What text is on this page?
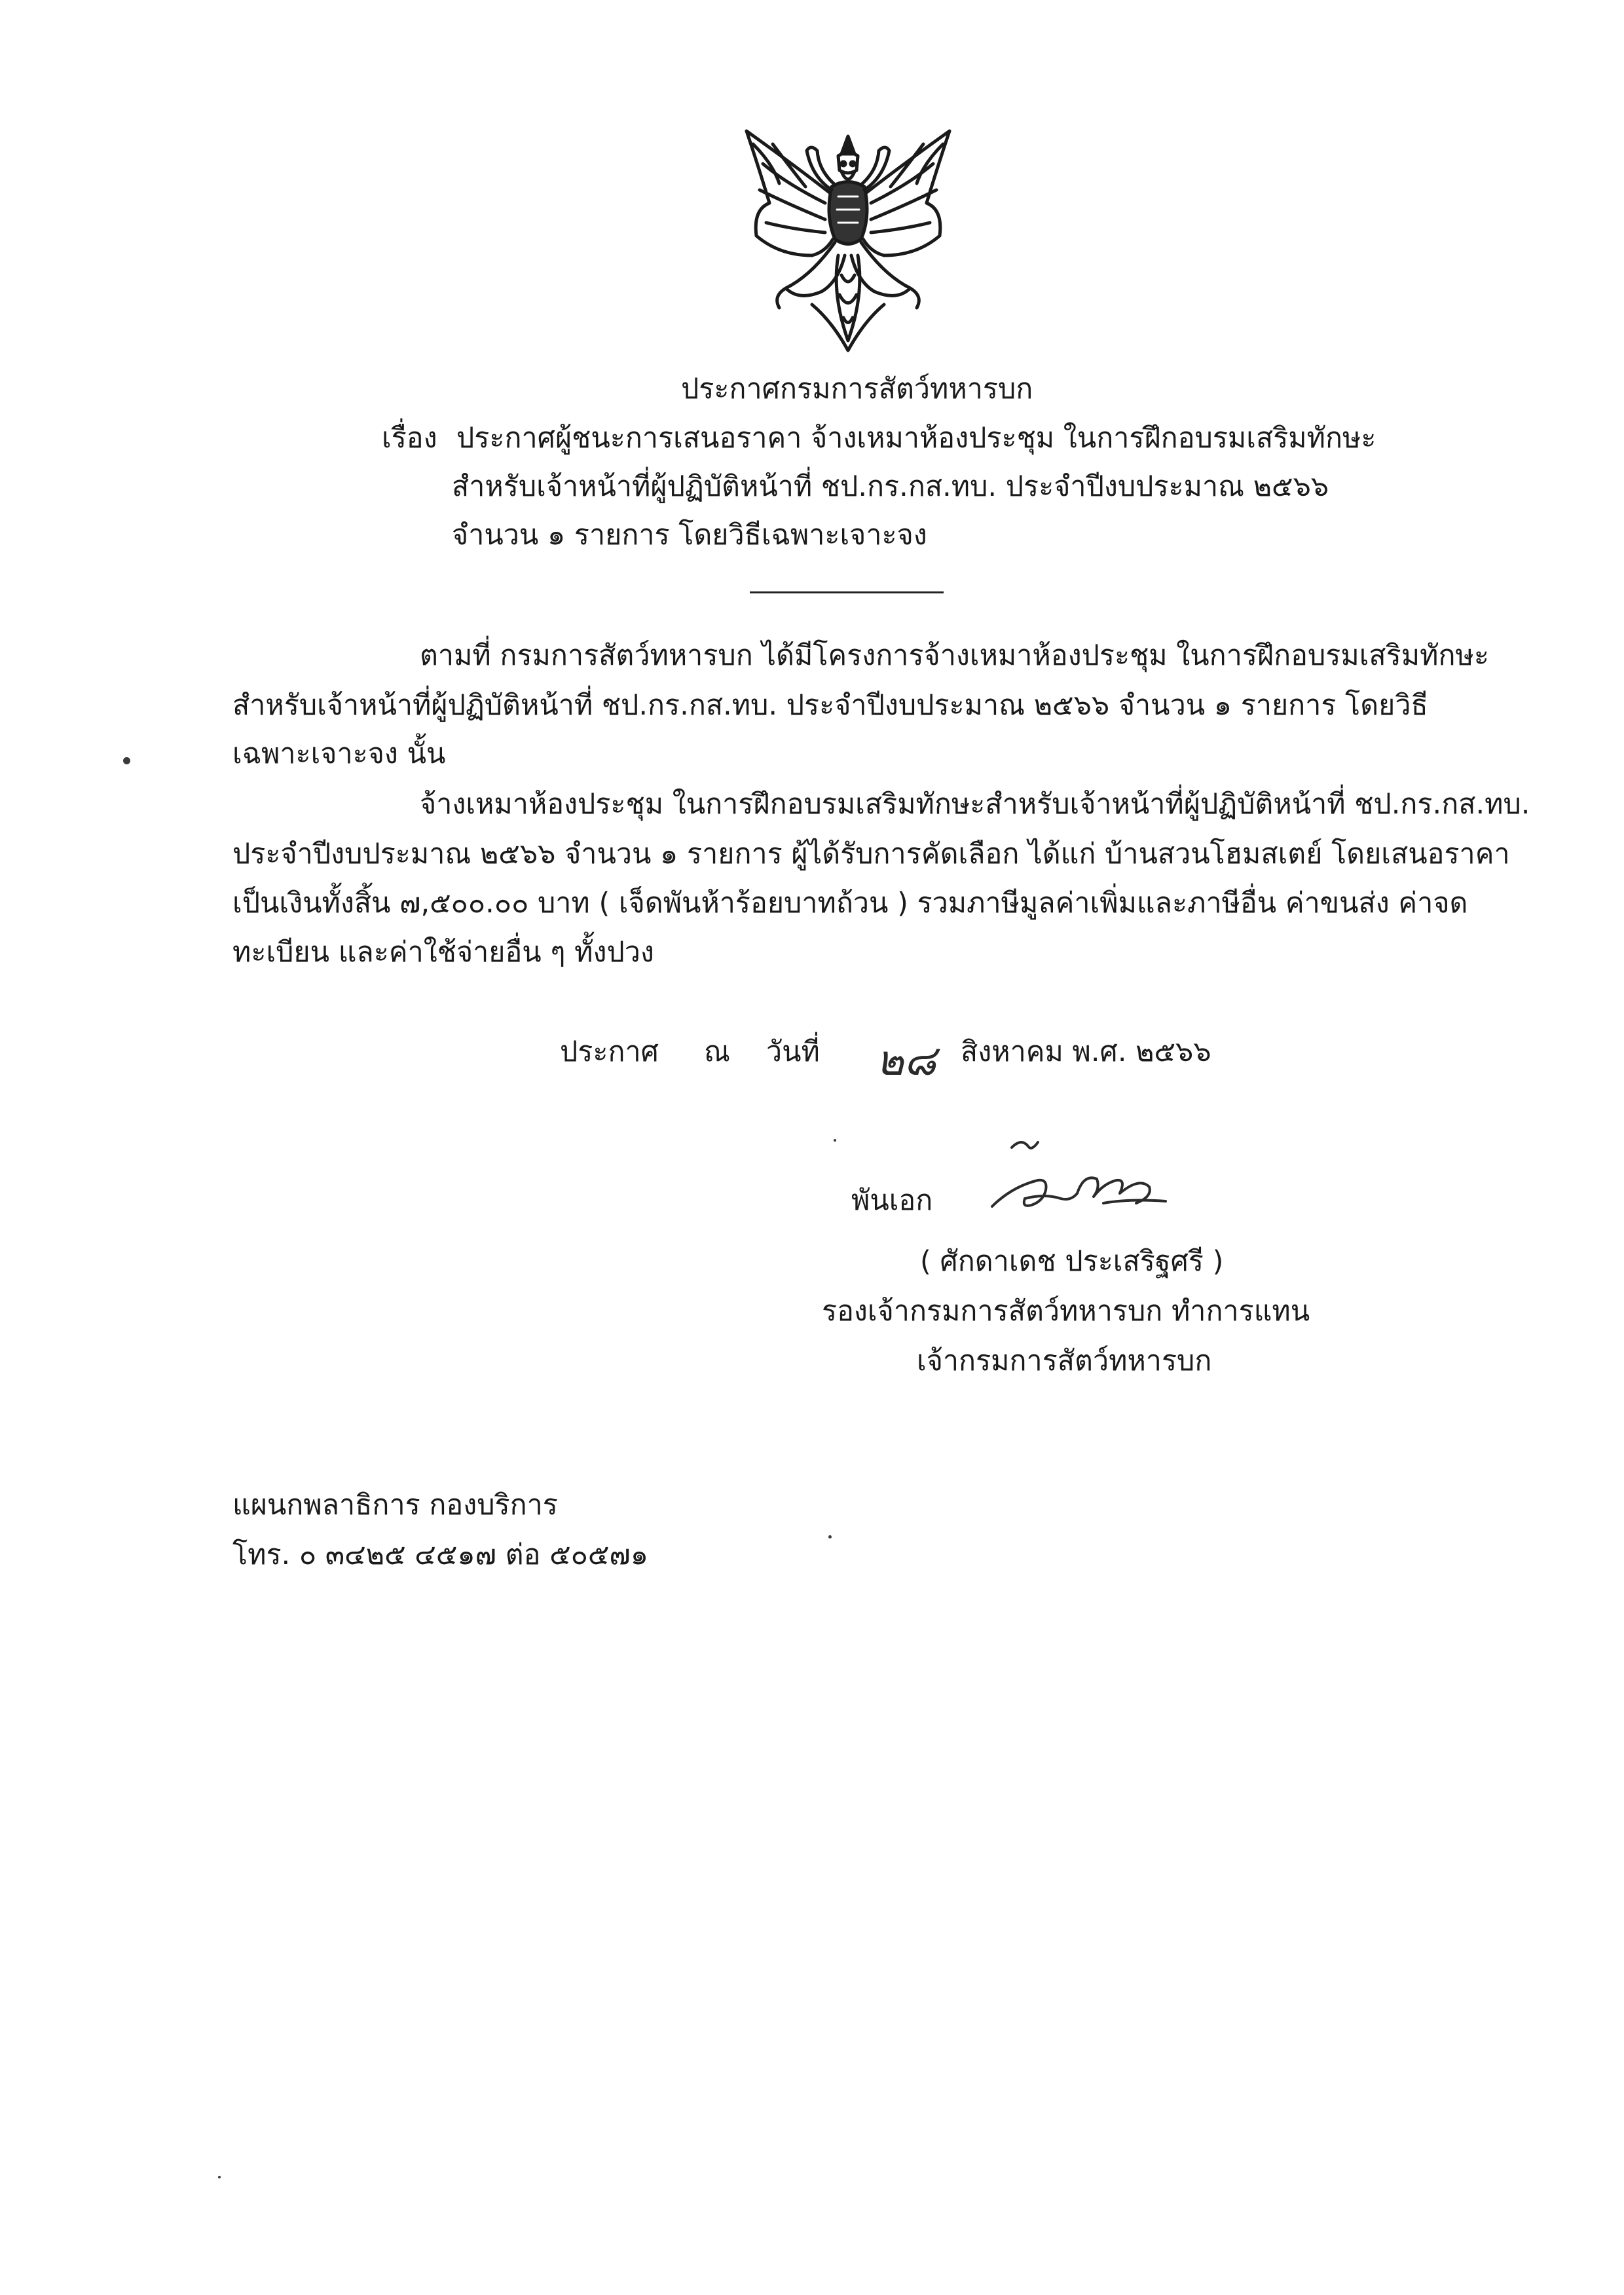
ประกาศกรมการสัตว์ทหารบก
เรื่อง ประกาศผู้ชนะการเสนอราคา จ้างเหมาห้องประชุม ในการฝึกอบรมเสริมทักษะ
สำหรับเจ้าหน้าที่ผู้ปฏิบัติหน้าที่ ชป.กร.กส.ทบ. ประจำปีงบประมาณ ๒๕๖๖
จำนวน ๑ รายการ โดยวิธีเฉพาะเจาะจง
ตามที่ กรมการสัตว์ทหารบก ได้มีโครงการจ้างเหมาห้องประชุม ในการฝึกอบรมเสริมทักษะ
สำหรับเจ้าหน้าที่ผู้ปฏิบัติหน้าที่ ชป.กร.กส.ทบ. ประจำปีงบประมาณ ๒๕๖๖ จำนวน ๑ รายการ โดยวิธี
เฉพาะเจาะจง นั้น
จ้างเหมาห้องประชุม ในการฝึกอบรมเสริมทักษะสำหรับเจ้าหน้าที่ผู้ปฏิบัติหน้าที่ ชป.กร.กส.ทบ.
ประจำปีงบประมาณ ๒๕๖๖ จำนวน ๑ รายการ ผู้ได้รับการคัดเลือก ได้แก่ บ้านสวนโฮมสเตย์ โดยเสนอราคา
เป็นเงินทั้งสิ้น ๗,๕๐๐.๐๐ บาท ( เจ็ดพันห้าร้อยบาทถ้วน ) รวมภาษีมูลค่าเพิ่มและภาษีอื่น ค่าขนส่ง ค่าจด
ทะเบียน และค่าใช้จ่ายอื่น ๆ ทั้งปวง
ประกาศ ณ วันที่ ๒๘ สิงหาคม พ.ศ. ๒๕๖๖
พันเอก
( ศักดาเดช ประเสริฐศรี )
รองเจ้ากรมการสัตว์ทหารบก ทำการแทน
เจ้ากรมการสัตว์ทหารบก
แผนกพลาธิการ กองบริการ
โทร. ๐ ๓๔๒๕ ๔๕๑๗ ต่อ ๕๐๕๗๑
